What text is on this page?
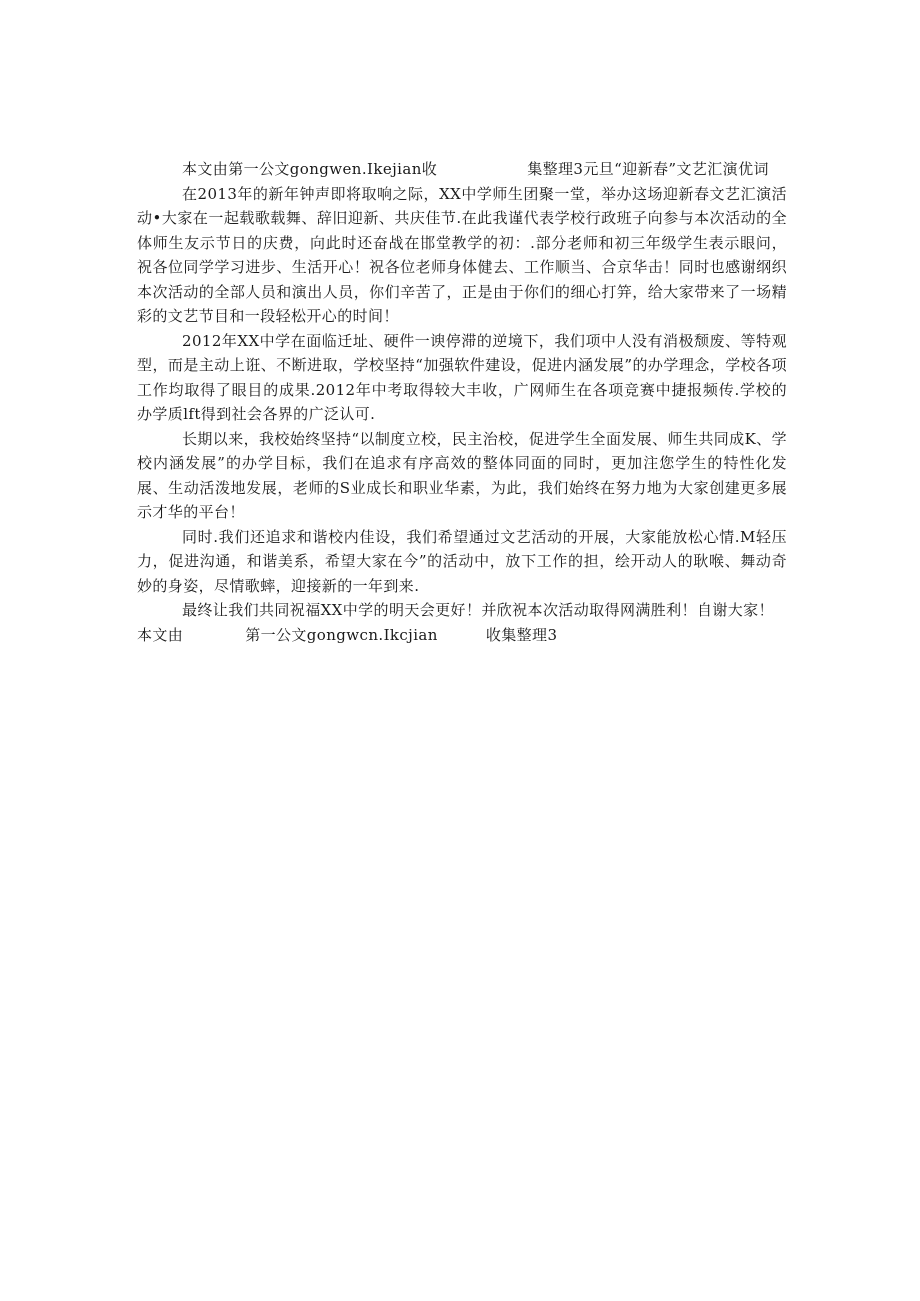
本文由第一公文gongwen.Ikejian收	集整理3元旦“迎新春”文艺汇演优词

在2013年的新年钟声即将取响之际，XX中学师生团聚一堂，举办这场迎新春文艺汇演活动•大家在一起载歌载舞、辞旧迎新、共庆佳节.在此我谨代表学校行政班子向参与本次活动的全体师生友示节日的庆费，向此时还奋战在邯堂教学的初：.部分老师和初三年级学生表示眼问，祝各位同学学习进步、生活开心！祝各位老师身体健去、工作顺当、合京华击！同时也感谢纲织本次活动的全部人员和演出人员，你们辛苦了，正是由于你们的细心打笄，给大家带来了一场精彩的文艺节目和一段轻松开心的时间！

2012年XX中学在面临迁址、硬件一谀停滞的逆境下，我们项中人没有消极颓废、等特观型，而是主动上诳、不断进取，学校坚持“加强软件建设，促进内涵发展”的办学理念，学校各项工作均取得了眼目的成果.2012年中考取得较大丰收，广网师生在各项竞赛中捷报频传.学校的办学质lft得到社会各界的广泛认可.

长期以来，我校始终坚持“以制度立校，民主治校，促进学生全面发展、师生共同成K、学校内涵发展”的办学目标，我们在追求有序高效的整体同面的同时，更加注您学生的特性化发展、生动活泼地发展，老师的S业成长和职业华素，为此，我们始终在努力地为大家创建更多展示才华的平台！

同时.我们还追求和谐校内佳设，我们希望通过文艺活动的开展，大家能放松心情.M轻压力，促进沟通，和谐美系，希望大家在今”的活动中，放下工作的担，绘开动人的耿喉、舞动奇妙的身姿，尽情歌蟀，迎接新的一年到来.

最终让我们共同祝福XX中学的明天会更好！并欣祝本次活动取得网满胜利！自谢大家！

本文由	第一公文gongwcn.Ikcjian	收集整理3
